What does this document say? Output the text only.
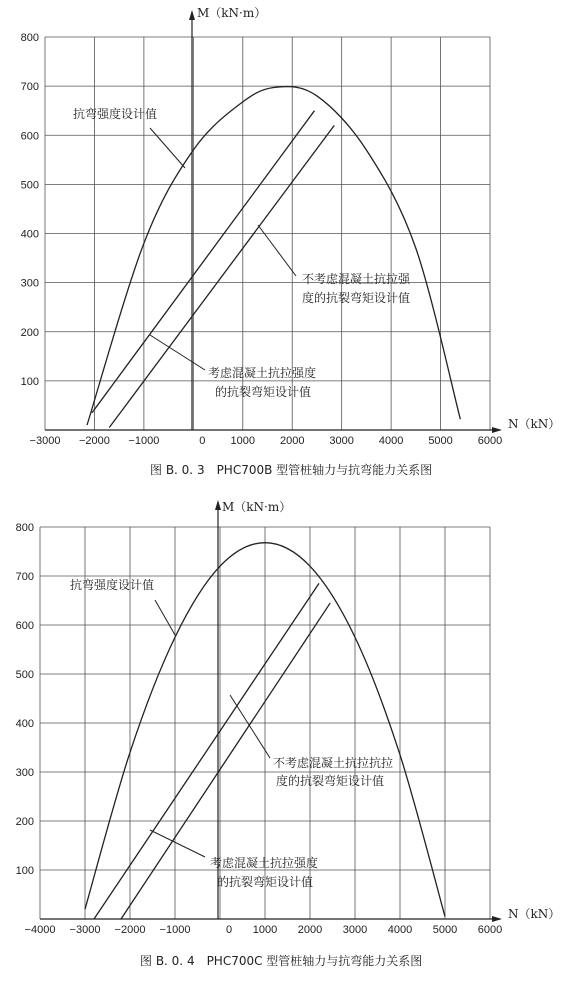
−3000 −2000 −1000	0 1000 2000 3000 4000 5000 6000
100
200
300
400
500
600
700
800
M（kN·m）
N（kN）
抗弯强度设计值
不考虑混凝土抗拉强
度的抗裂弯矩设计值
考虑混凝土抗拉强度
的抗裂弯矩设计值
图 B. 0. 3　PHC700B 型管桩轴力与抗弯能力关系图
−4000 −3000 −2000 −1000	0 1000 2000 3000 4000 5000 6000
100
200
300
400
500
600
700
800
M（kN·m）
N（kN）
抗弯强度设计值
不考虑混凝土抗拉抗拉
度的抗裂弯矩设计值
考虑混凝土抗拉强度
的抗裂弯矩设计值
图 B. 0. 4　PHC700C 型管桩轴力与抗弯能力关系图
